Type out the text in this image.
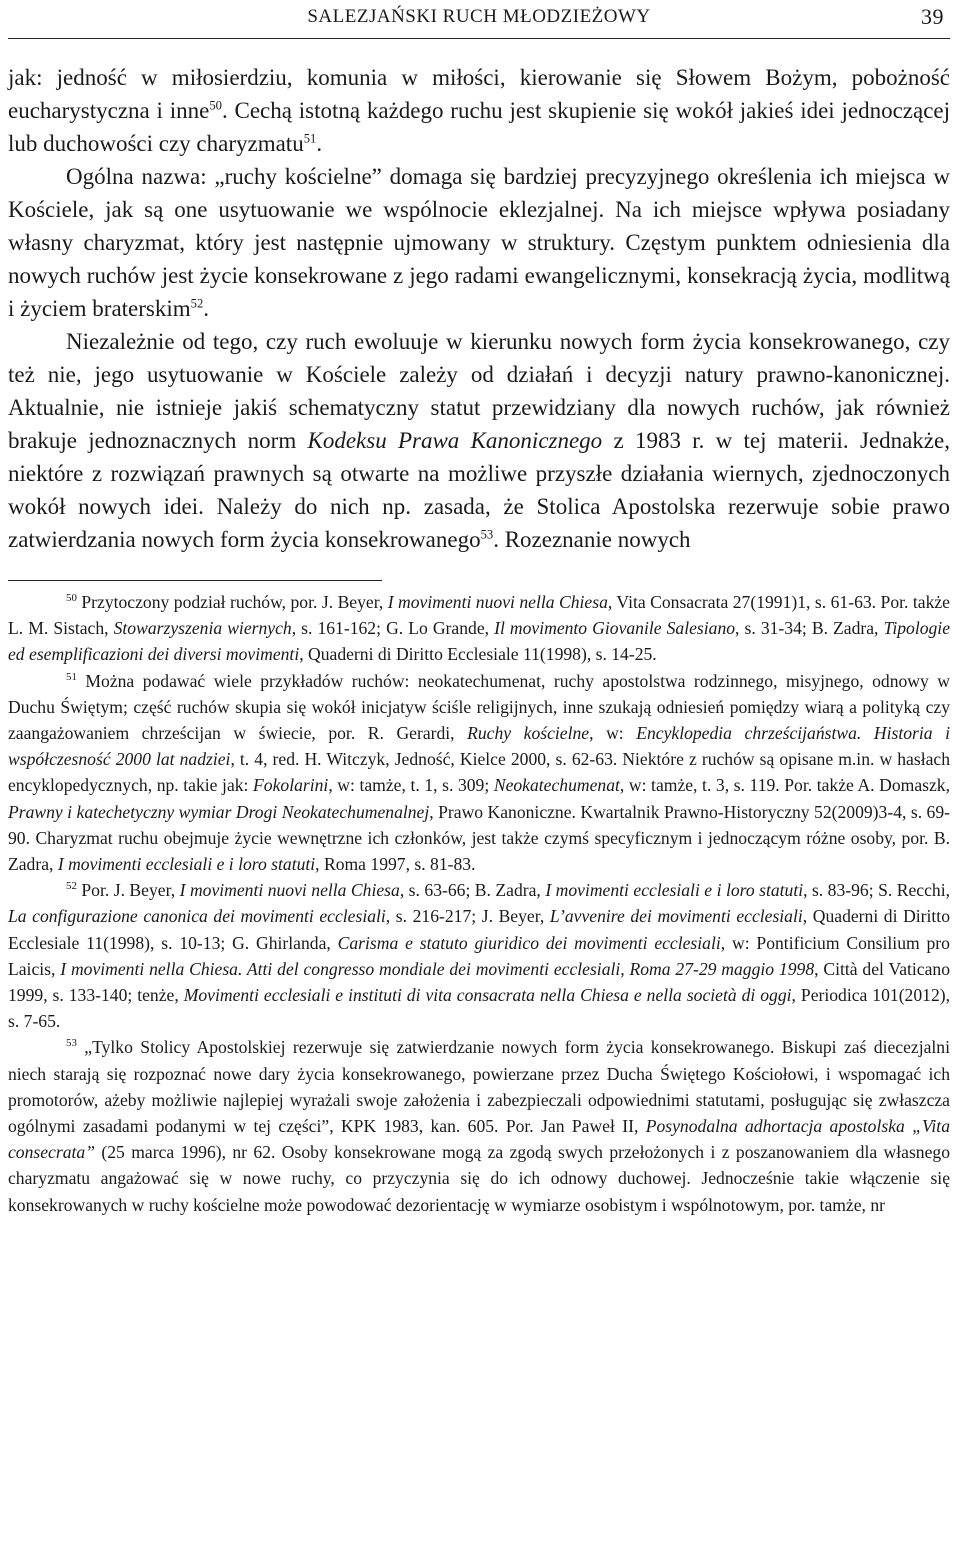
SALEZJAŃSKI RUCH MŁODZIEŻOWY	39

jak: jedność w miłosierdziu, komunia w miłości, kierowanie się Słowem Bożym, pobożność eucharystyczna i inne$^{50}$. Cechą istotną każdego ruchu jest skupienie się wokół jakieś idei jednoczącej lub duchowości czy charyzmatu$^{51}$.

Ogólna nazwa: „ruchy kościelne” domaga się bardziej precyzyjnego określenia ich miejsca w Kościele, jak są one usytuowanie we wspólnocie eklezjalnej. Na ich miejsce wpływa posiadany własny charyzmat, który jest następnie ujmowany w struktury. Częstym punktem odniesienia dla nowych ruchów jest życie konsekrowane z jego radami ewangelicznymi, konsekracją życia, modlitwą i życiem braterskim$^{52}$.

Niezależnie od tego, czy ruch ewoluuje w kierunku nowych form życia konsekrowanego, czy też nie, jego usytuowanie w Kościele zależy od działań i decyzji natury prawno-kanonicznej. Aktualnie, nie istnieje jakiś schematyczny statut przewidziany dla nowych ruchów, jak również brakuje jednoznacznych norm Kodeksu Prawa Kanonicznego z 1983 r. w tej materii. Jednakże, niektóre z rozwiązań prawnych są otwarte na możliwe przyszłe działania wiernych, zjednoczonych wokół nowych idei. Należy do nich np. zasada, że Stolica Apostolska rezerwuje sobie prawo zatwierdzania nowych form życia konsekrowanego$^{53}$. Rozeznanie nowych

$^{50}$ Przytoczony podział ruchów, por. J. Beyer, I movimenti nuovi nella Chiesa, Vita Consacrata 27(1991)1, s. 61-63. Por. także L. M. Sistach, Stowarzyszenia wiernych, s. 161-162; G. Lo Grande, Il movimento Giovanile Salesiano, s. 31-34; B. Zadra, Tipologie ed esemplificazioni dei diversi movimenti, Quaderni di Diritto Ecclesiale 11(1998), s. 14-25.

$^{51}$ Można podawać wiele przykładów ruchów: neokatechumenat, ruchy apostolstwa rodzinnego, misyjnego, odnowy w Duchu Świętym; część ruchów skupia się wokół inicjatyw ściśle religijnych, inne szukają odniesień pomiędzy wiarą a polityką czy zaangażowaniem chrześcijan w świecie, por. R. Gerardi, Ruchy kościelne, w: Encyklopedia chrześcijaństwa. Historia i współczesność 2000 lat nadziei, t. 4, red. H. Witczyk, Jedność, Kielce 2000, s. 62-63. Niektóre z ruchów są opisane m.in. w hasłach encyklopedycznych, np. takie jak: Fokolarini, w: tamże, t. 1, s. 309; Neokatechumenat, w: tamże, t. 3, s. 119. Por. także A. Domaszk, Prawny i katechetyczny wymiar Drogi Neokatechumenalnej, Prawo Kanoniczne. Kwartalnik Prawno-Historyczny 52(2009)3-4, s. 69-90. Charyzmat ruchu obejmuje życie wewnętrzne ich członków, jest także czymś specyficznym i jednoczącym różne osoby, por. B. Zadra, I movimenti ecclesiali e i loro statuti, Roma 1997, s. 81-83.

$^{52}$ Por. J. Beyer, I movimenti nuovi nella Chiesa, s. 63-66; B. Zadra, I movimenti ecclesiali e i loro statuti, s. 83-96; S. Recchi, La configurazione canonica dei movimenti ecclesiali, s. 216-217; J. Beyer, L’avvenire dei movimenti ecclesiali, Quaderni di Diritto Ecclesiale 11(1998), s. 10-13; G. Ghirlanda, Carisma e statuto giuridico dei movimenti ecclesiali, w: Pontificium Consilium pro Laicis, I movimenti nella Chiesa. Atti del congresso mondiale dei movimenti ecclesiali, Roma 27-29 maggio 1998, Città del Vaticano 1999, s. 133-140; tenże, Movimenti ecclesiali e instituti di vita consacrata nella Chiesa e nella società di oggi, Periodica 101(2012), s. 7-65.

$^{53}$ „Tylko Stolicy Apostolskiej rezerwuje się zatwierdzanie nowych form życia konsekrowanego. Biskupi zaś diecezjalni niech starają się rozpoznać nowe dary życia konsekrowanego, powierzane przez Ducha Świętego Kościołowi, i wspomagać ich promotorów, ażeby możliwie najlepiej wyrażali swoje założenia i zabezpieczali odpowiednimi statutami, posługując się zwłaszcza ogólnymi zasadami podanymi w tej części”, KPK 1983, kan. 605. Por. Jan Paweł II, Posynodalna adhortacja apostolska „Vita consecrata” (25 marca 1996), nr 62. Osoby konsekrowane mogą za zgodą swych przełożonych i z poszanowaniem dla własnego charyzmatu angażować się w nowe ruchy, co przyczynia się do ich odnowy duchowej. Jednocześnie takie włączenie się konsekrowanych w ruchy kościelne może powodować dezorientację w wymiarze osobistym i wspólnotowym, por. tamże, nr
